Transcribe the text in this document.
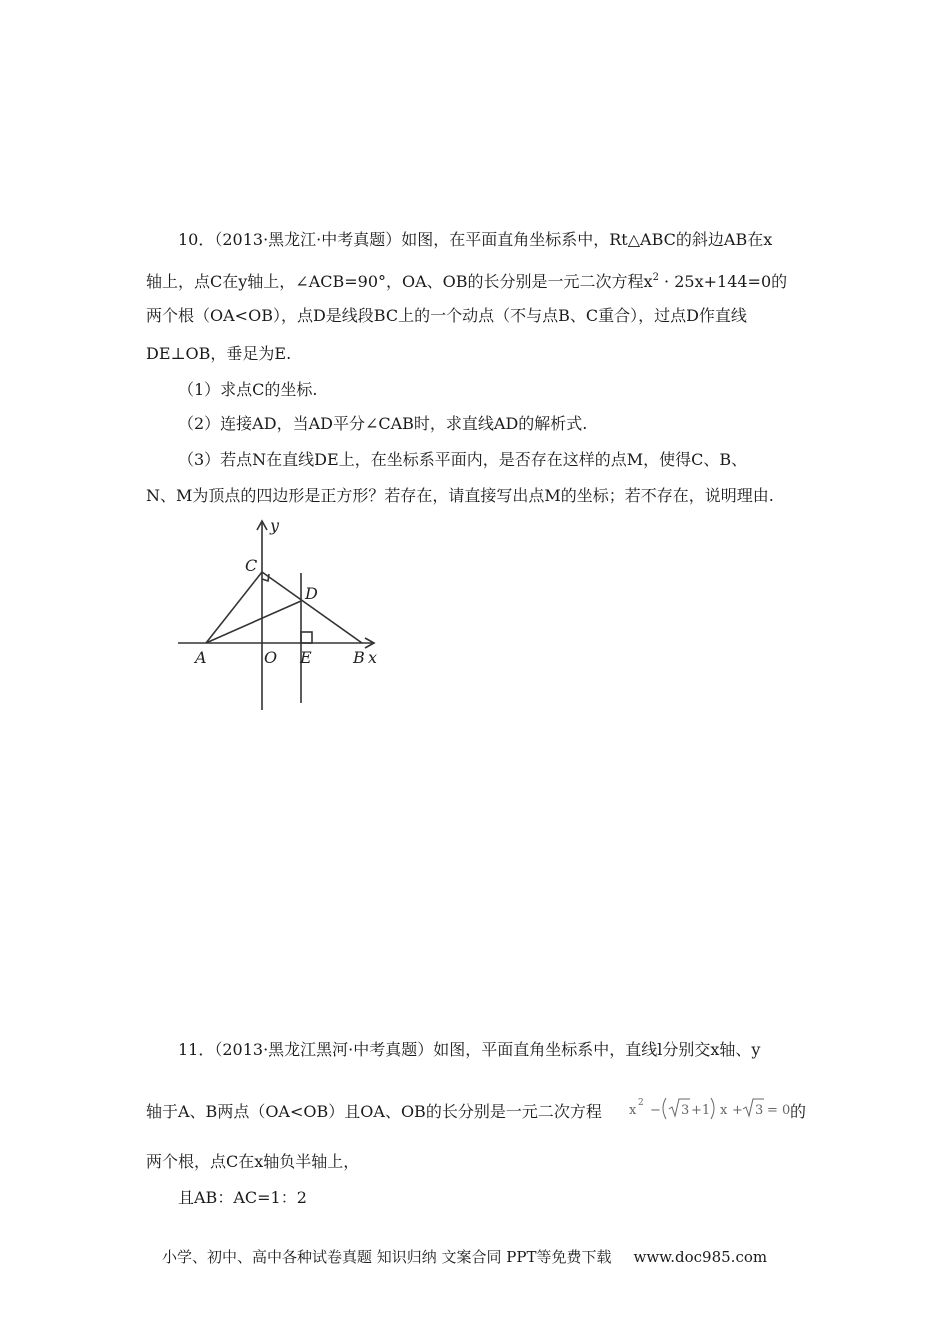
10．（2013·黑龙江·中考真题）如图，在平面直角坐标系中，Rt△ABC的斜边AB在x
轴上，点C在y轴上，∠ACB=90°，OA、OB的长分别是一元二次方程$x^2 \cdot 25x+144=0$的
两个根（OA<OB），点D是线段BC上的一个动点（不与点B、C重合），过点D作直线
DE⊥OB，垂足为E.
（1）求点C的坐标.
（2）连接AD，当AD平分∠CAB时，求直线AD的解析式.
（3）若点N在直线DE上，在坐标系平面内，是否存在这样的点M，使得C、B、
N、M为顶点的四边形是正方形？若存在，请直接写出点M的坐标；若不存在，说明理由.
y
C
D
A	O E	B x
11．（2013·黑龙江黑河·中考真题）如图，平面直角坐标系中，直线l分别交x轴、y
轴于A、B两点（OA<OB）且OA、OB的长分别是一元二次方程 x 2 − 3 +1 x + 3 = 0 的
两个根，点C在x轴负半轴上，
且AB：AC=1：2
小学、初中、高中各种试卷真题 知识归纳 文案合同 PPT等免费下载 www.doc985.com
